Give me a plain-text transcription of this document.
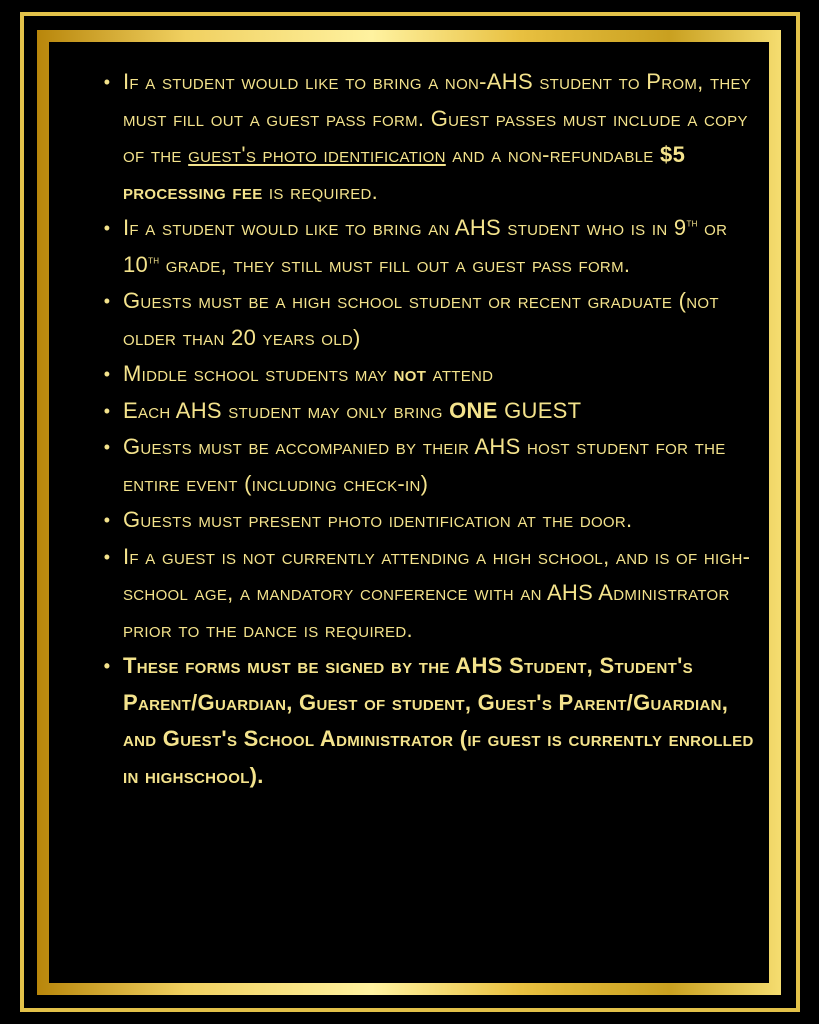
• If a student would like to bring a non-AHS student to Prom, they must fill out a guest pass form. Guest passes must include a copy of the guest's photo identification and a non-refundable $5 processing fee is required.
• If a student would like to bring an AHS student who is in 9th or 10th grade, they still must fill out a guest pass form.
• Guests must be a high school student or recent graduate (not older than 20 years old)
• Middle school students may not attend
• Each AHS student may only bring ONE GUEST
• Guests must be accompanied by their AHS host student for the entire event (including check-in)
• Guests must present photo identification at the door.
• If a guest is not currently attending a high school, and is of high-school age, a mandatory conference with an AHS Administrator prior to the dance is required.
• These forms must be signed by the AHS Student, Student's Parent/Guardian, Guest of student, Guest's Parent/Guardian, and Guest's School Administrator (if guest is currently enrolled in highschool).
